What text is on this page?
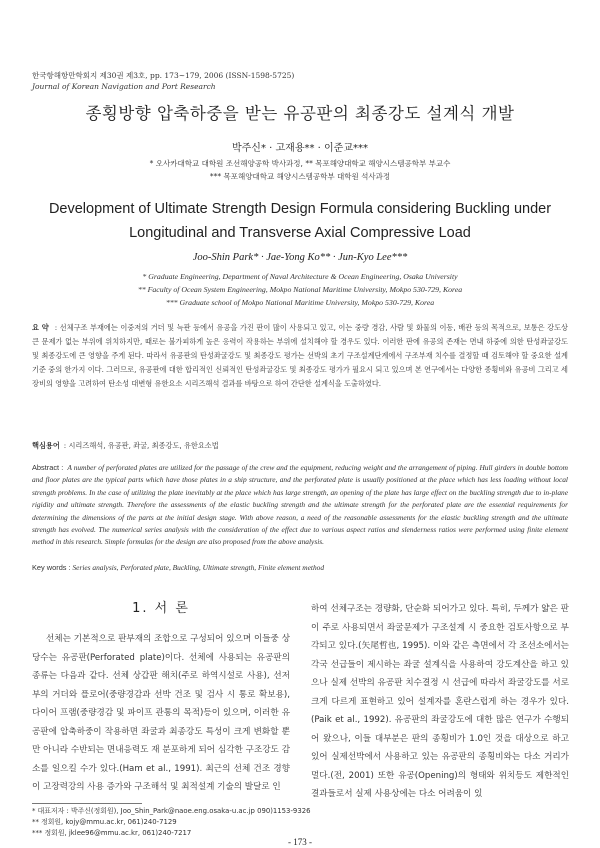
한국항해항만학회지 제30권 제3호, pp. 173~179, 2006 (ISSN-1598-5725)
Journal of Korean Navigation and Port Research
종횡방향 압축하중을 받는 유공판의 최종강도 설계식 개발
박주신* · 고재용** · 이준교***
* 오사카대학교 대학원 조선해양공학 박사과정, ** 목포해양대학교 해양시스템공학부 부교수
*** 목포해양대학교 해양시스템공학부 대학원 석사과정
Development of Ultimate Strength Design Formula considering Buckling under
Longitudinal and Transverse Axial Compressive Load
Joo-Shin Park* · Jae-Yong Ko** · Jun-Kyo Lee***
* Graduate Engineering, Department of Naval Architecture & Ocean Engineering, Osaka University
** Faculty of Ocean System Engineering, Mokpo National Maritime University, Mokpo 530-729, Korea
*** Graduate school of Mokpo National Maritime University, Mokpo 530-729, Korea
요 약 : 선체구조 부재에는 이중저의 거더 및 늑판 등에서 유공을 가진 판이 많이 사용되고 있고, 이는 중량 경감, 사람 및 화물의 이동, 배관 등의 목적으로, 보통은 강도상 큰 문제가 없는 부위에 위치하지만, 때로는 불가피하게 높은 응력이 작용하는 부위에 설치해야 할 경우도 있다. 이러한 판에 유공의 존재는 면내 하중에 의한 탄성좌굴강도 및 최종강도에 큰 영향을 주게 된다. 따라서 유공판의 탄성좌굴강도 및 최종강도 평가는 선박의 초기 구조설계단계에서 구조부재 치수를 결정할 때 검토해야 할 중요한 설계기준 중의 한가지 이다. 그러므로, 유공판에 대한 합리적인 신뢰적인 탄성좌굴강도 및 최종강도 평가가 필요시 되고 있으며 본 연구에서는 다양한 종횡비와 유공비 그리고 세장비의 영향을 고려하여 탄소성 대변형 유한요소 시리즈해석 결과를 바탕으로 하여 간단한 설계식을 도출하였다.
핵심용어 : 시리즈해석, 유공판, 좌굴, 최종강도, 유한요소법
Abstract : A number of perforated plates are utilized for the passage of the crew and the equipment, reducing weight and the arrangement of piping. Hull girders in double bottom and floor plates are the typical parts which have those plates in a ship structure, and the perforated plate is usually positioned at the place which has less loading without local strength problems. In the case of utilizing the plate inevitably at the place which has large strength, an opening of the plate has large effect on the buckling strength due to in-plane rigidity and ultimate strength. Therefore the assessments of the elastic buckling strength and the ultimate strength for the perforated plate are the essential requirements for determining the dimensions of the parts at the initial design stage. With above reason, a need of the reasonable assessments for the elastic buckling strength and the ultimate strength has evolved. The numerical series analysis with the consideration of the effect due to various aspect ratios and slenderness ratios were performed using finite element method in this research. Simple formulas for the design are also proposed from the above analysis.
Key words : Series analysis, Perforated plate, Buckling, Ultimate strength, Finite element method
1. 서 론
선체는 기본적으로 판부재의 조합으로 구성되어 있으며 이들중 상당수는 유공판(Perforated plate)이다. 선체에 사용되는 유공판의 종류는 다음과 같다. 선체 상갑판 해치(주로 하역시설로 사용), 선저부의 거더와 플로어(중량경감과 선박 건조 및 검사 시 통로 확보용), 다이어 프램(중량경감 및 파이프 관통의 목적)등이 있으며, 이러한 유공판에 압축하중이 작용하면 좌굴과 최종강도 특성이 크게 변화할 뿐만 아니라 수반되는 면내응력도 재 분포하게 되어 심각한 구조강도 감소를 일으킬 수가 있다.(Ham et al., 1991). 최근의 선체 건조 경향이 고장력강의 사용 증가와 구조해석 및 최적설계 기술의 발달로 인
하여 선체구조는 경량화, 단순화 되어가고 있다. 특히, 두께가 얇은 판이 주로 사용되면서 좌굴문제가 구조설계 시 중요한 검토사항으로 부각되고 있다.(矢尾哲也, 1995). 이와 같은 측면에서 각 조선소에서는 각국 선급들이 제시하는 좌굴 설계식을 사용하여 강도계산을 하고 있으나 실제 선박의 유공판 치수결정 시 선급에 따라서 좌굴강도를 서로 크게 다르게 표현하고 있어 설계자를 혼란스럽게 하는 경우가 있다.(Paik et al., 1992). 유공판의 좌굴강도에 대한 많은 연구가 수행되어 왔으나, 이들 대부분은 판의 종횡비가 1.0인 것을 대상으로 하고 있어 실제선박에서 사용하고 있는 유공판의 종횡비와는 다소 거리가 멀다.(전, 2001) 또한 유공(Opening)의 형태와 위치등도 제한적인 결과들로서 실제 사용상에는 다소 어려움이 있
* 대표저자 : 박주신(정회원), Joo_Shin_Park@naoe.eng.osaka-u.ac.jp 090)1153-9326
** 정회원, kojy@mmu.ac.kr, 061)240-7129
*** 정회원, jklee96@mmu.ac.kr, 061)240-7217
- 173 -
